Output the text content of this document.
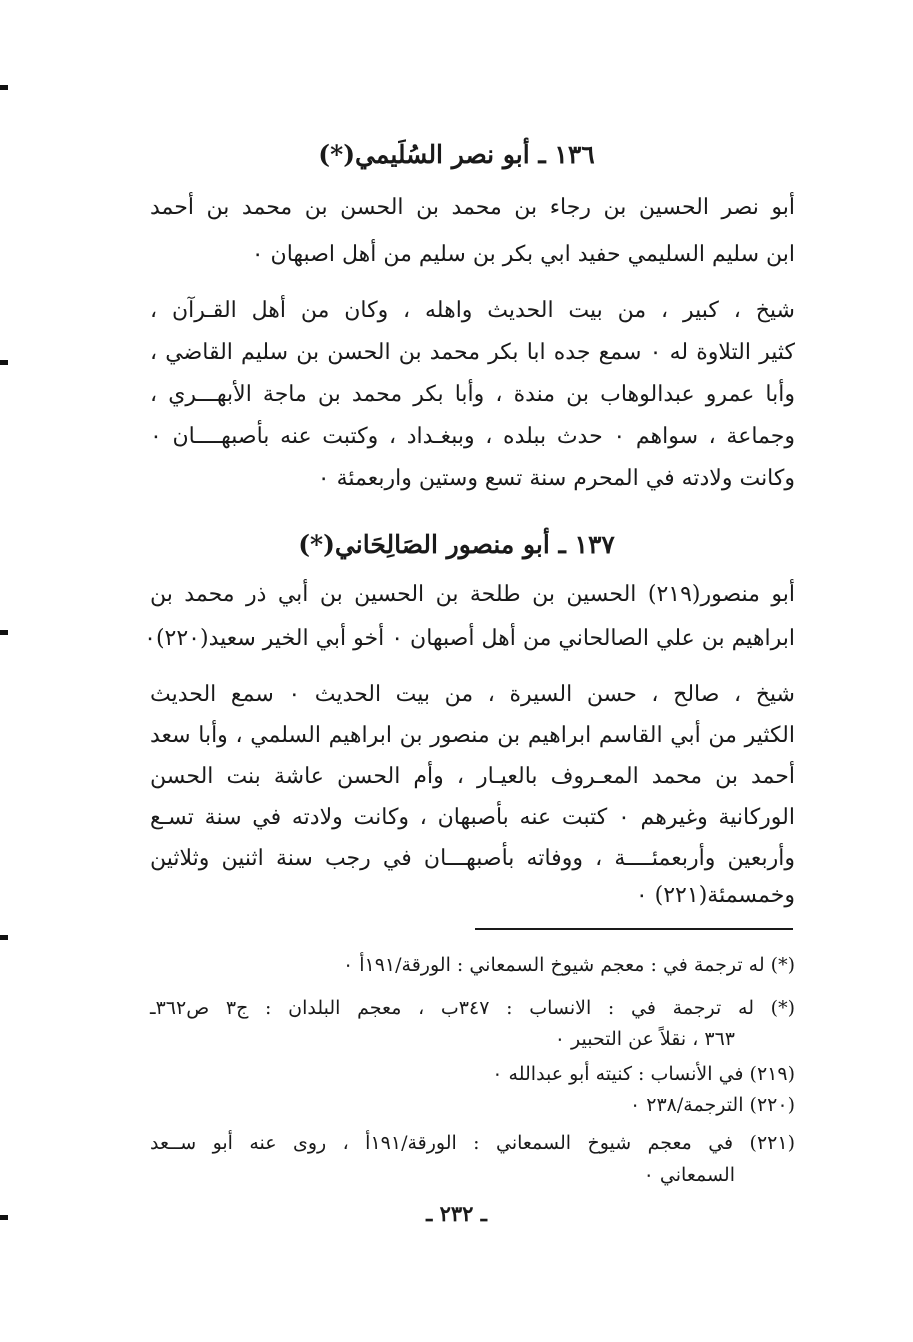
١٣٦ ـ أبو نصر السُلَيمي(*)
أبو نصر الحسين بن رجاء بن محمد بن الحسن بن محمد بن أحمد
ابن سليم السليمي حفيد ابي بكر بن سليم من أهل اصبهان ٠
شيخ ، كبير ، من بيت الحديث واهله ، وكان من أهل القـرآن ،
كثير التلاوة له ٠ سمع جده ابا بكر محمد بن الحسن بن سليم القاضي ،
وأبا عمرو عبدالوهاب بن مندة ، وأبا بكر محمد بن ماجة الأبهـــري ،
وجماعة ، سواهم ٠ حدث ببلده ، وببغـداد ، وكتبت عنه بأصبهــــان ٠
وكانت ولادته في المحرم سنة تسع وستين واربعمئة ٠
١٣٧ ـ أبو منصور الصَالِحَاني(*)
أبو منصور(٢١٩) الحسين بن طلحة بن الحسين بن أبي ذر محمد بن
ابراهيم بن علي الصالحاني من أهل أصبهان ٠ أخو أبي الخير سعيد(٢٢٠)٠
شيخ ، صالح ، حسن السيرة ، من بيت الحديث ٠ سمع الحديث
الكثير من أبي القاسم ابراهيم بن منصور بن ابراهيم السلمي ، وأبا سعد
أحمد بن محمد المعـروف بالعيـار ، وأم الحسن عاشة بنت الحسن
الوركانية وغيرهم ٠ كتبت عنه بأصبهان ، وكانت ولادته في سنة تسـع
وأربعين وأربعمئــــة ، ووفاته بأصبهـــان في رجب سنة اثنين وثلاثين
وخمسمئة(٢٢١) ٠
(*) له ترجمة في : معجم شيوخ السمعاني : الورقة/١٩١أ ٠
(*) له ترجمة في : الانساب : ٣٤٧ب ، معجم البلدان : ج٣ ص٣٦٢ـ
٣٦٣ ، نقلاً عن التحبير ٠
(٢١٩) في الأنساب : كنيته أبو عبدالله ٠
(٢٢٠) الترجمة/٢٣٨ ٠
(٢٢١) في معجم شيوخ السمعاني : الورقة/١٩١أ ، روى عنه أبو ســعد
السمعاني ٠
ـ ٢٣٢ ـ
